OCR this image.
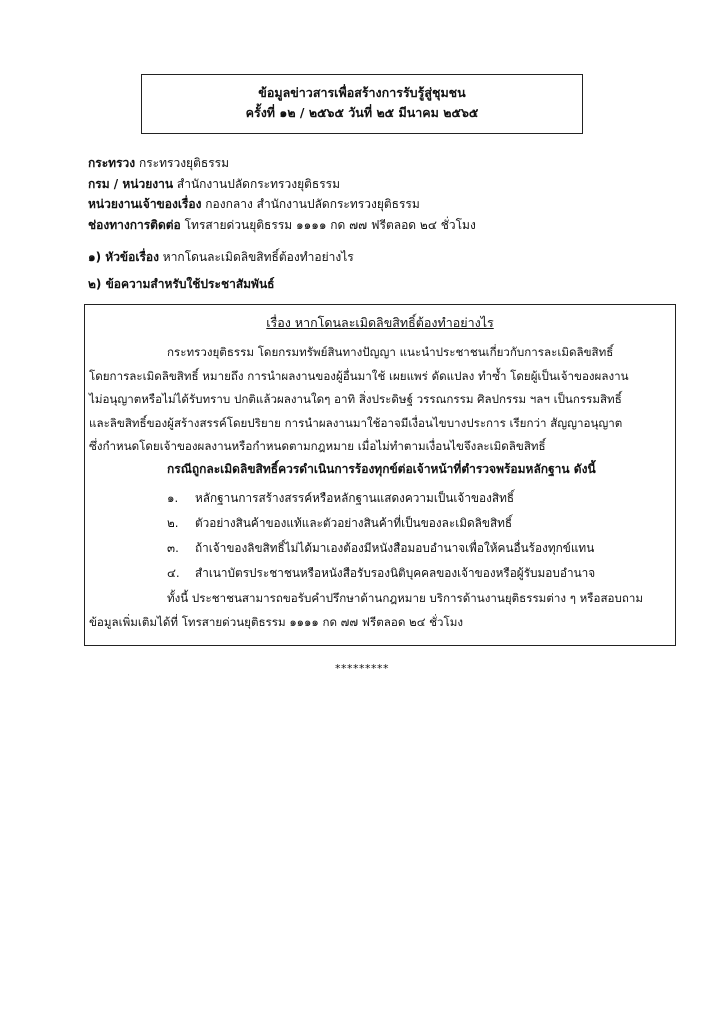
ข้อมูลข่าวสารเพื่อสร้างการรับรู้สู่ชุมชน
ครั้งที่ ๑๒ / ๒๕๖๕ วันที่ ๒๕ มีนาคม ๒๕๖๕
กระทรวง กระทรวงยุติธรรม
กรม / หน่วยงาน สำนักงานปลัดกระทรวงยุติธรรม
หน่วยงานเจ้าของเรื่อง กองกลาง สำนักงานปลัดกระทรวงยุติธรรม
ช่องทางการติดต่อ โทรสายด่วนยุติธรรม ๑๑๑๑ กด ๗๗ ฟรีตลอด ๒๔ ชั่วโมง
๑) หัวข้อเรื่อง หากโดนละเมิดลิขสิทธิ์ต้องทำอย่างไร
๒) ข้อความสำหรับใช้ประชาสัมพันธ์
เรื่อง หากโดนละเมิดลิขสิทธิ์ต้องทำอย่างไร
กระทรวงยุติธรรม โดยกรมทรัพย์สินทางปัญญา แนะนำประชาชนเกี่ยวกับการละเมิดลิขสิทธิ์
โดยการละเมิดลิขสิทธิ์ หมายถึง การนำผลงานของผู้อื่นมาใช้ เผยแพร่ ดัดแปลง ทำซ้ำ โดยผู้เป็นเจ้าของผลงาน
ไม่อนุญาตหรือไม่ได้รับทราบ ปกติแล้วผลงานใดๆ อาทิ สิ่งประดิษฐ์ วรรณกรรม ศิลปกรรม ฯลฯ เป็นกรรมสิทธิ์
และลิขสิทธิ์ของผู้สร้างสรรค์โดยปริยาย การนำผลงานมาใช้อาจมีเงื่อนไขบางประการ เรียกว่า สัญญาอนุญาต
ซึ่งกำหนดโดยเจ้าของผลงานหรือกำหนดตามกฎหมาย เมื่อไม่ทำตามเงื่อนไขจึงละเมิดลิขสิทธิ์
กรณีถูกละเมิดลิขสิทธิ์ควรดำเนินการร้องทุกข์ต่อเจ้าหน้าที่ตำรวจพร้อมหลักฐาน ดังนี้
๑. หลักฐานการสร้างสรรค์หรือหลักฐานแสดงความเป็นเจ้าของสิทธิ์
๒. ตัวอย่างสินค้าของแท้และตัวอย่างสินค้าที่เป็นของละเมิดลิขสิทธิ์
๓. ถ้าเจ้าของลิขสิทธิ์ไม่ได้มาเองต้องมีหนังสือมอบอำนาจเพื่อให้คนอื่นร้องทุกข์แทน
๔. สำเนาบัตรประชาชนหรือหนังสือรับรองนิติบุคคลของเจ้าของหรือผู้รับมอบอำนาจ
ทั้งนี้ ประชาชนสามารถขอรับคำปรึกษาด้านกฎหมาย บริการด้านงานยุติธรรมต่าง ๆ หรือสอบถาม
ข้อมูลเพิ่มเติมได้ที่ โทรสายด่วนยุติธรรม ๑๑๑๑ กด ๗๗ ฟรีตลอด ๒๔ ชั่วโมง
*********
